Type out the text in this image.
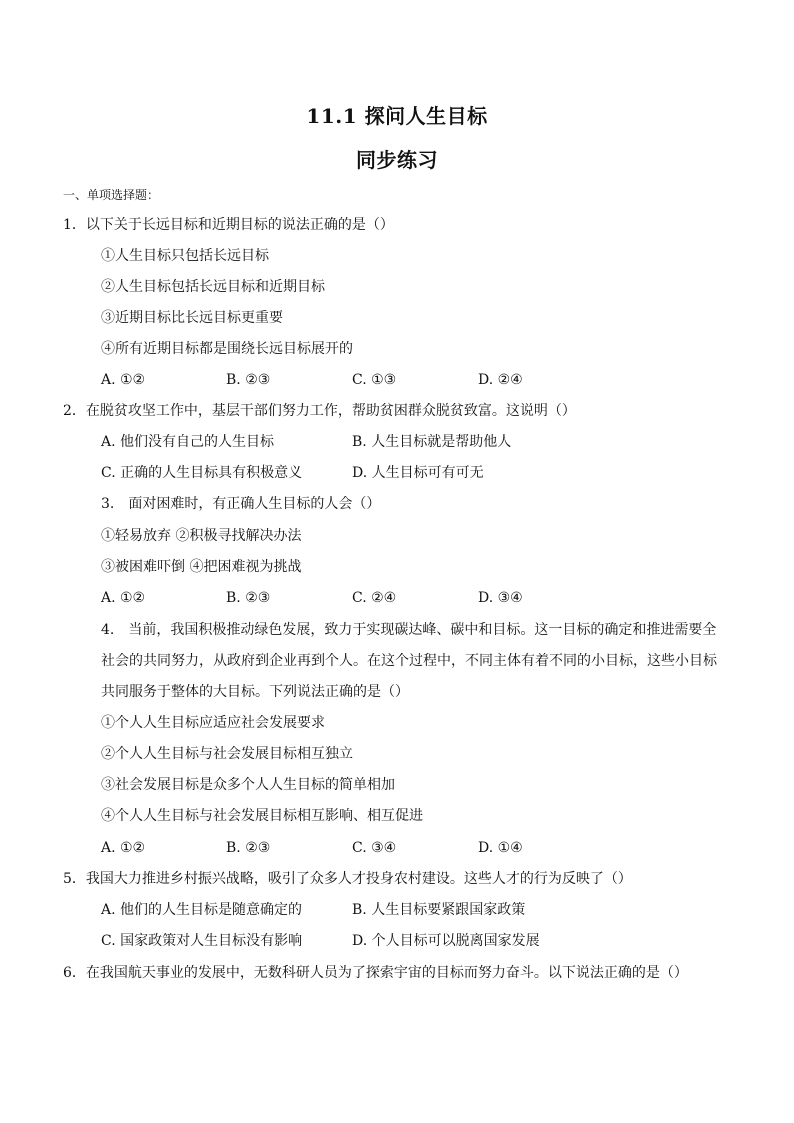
11.1 探问人生目标
同步练习
一、单项选择题：
1．以下关于长远目标和近期目标的说法正确的是（）
①人生目标只包括长远目标
②人生目标包括长远目标和近期目标
③近期目标比长远目标更重要
④所有近期目标都是围绕长远目标展开的
A. ①②	B. ②③	C. ①③	D. ②④
2．在脱贫攻坚工作中，基层干部们努力工作，帮助贫困群众脱贫致富。这说明（）
A. 他们没有自己的人生目标	B. 人生目标就是帮助他人
C. 正确的人生目标具有积极意义	D. 人生目标可有可无
3.　面对困难时，有正确人生目标的人会（）
①轻易放弃 ②积极寻找解决办法
③被困难吓倒 ④把困难视为挑战
A. ①②	B. ②③	C. ②④	D. ③④
4.　当前，我国积极推动绿色发展，致力于实现碳达峰、碳中和目标。这一目标的确定和推进需要全
社会的共同努力，从政府到企业再到个人。在这个过程中，不同主体有着不同的小目标，这些小目标
共同服务于整体的大目标。下列说法正确的是（）
①个人人生目标应适应社会发展要求
②个人人生目标与社会发展目标相互独立
③社会发展目标是众多个人人生目标的简单相加
④个人人生目标与社会发展目标相互影响、相互促进
A. ①②	B. ②③	C. ③④	D. ①④
5．我国大力推进乡村振兴战略，吸引了众多人才投身农村建设。这些人才的行为反映了（）
A. 他们的人生目标是随意确定的	B. 人生目标要紧跟国家政策
C. 国家政策对人生目标没有影响	D. 个人目标可以脱离国家发展
6．在我国航天事业的发展中，无数科研人员为了探索宇宙的目标而努力奋斗。以下说法正确的是（）
